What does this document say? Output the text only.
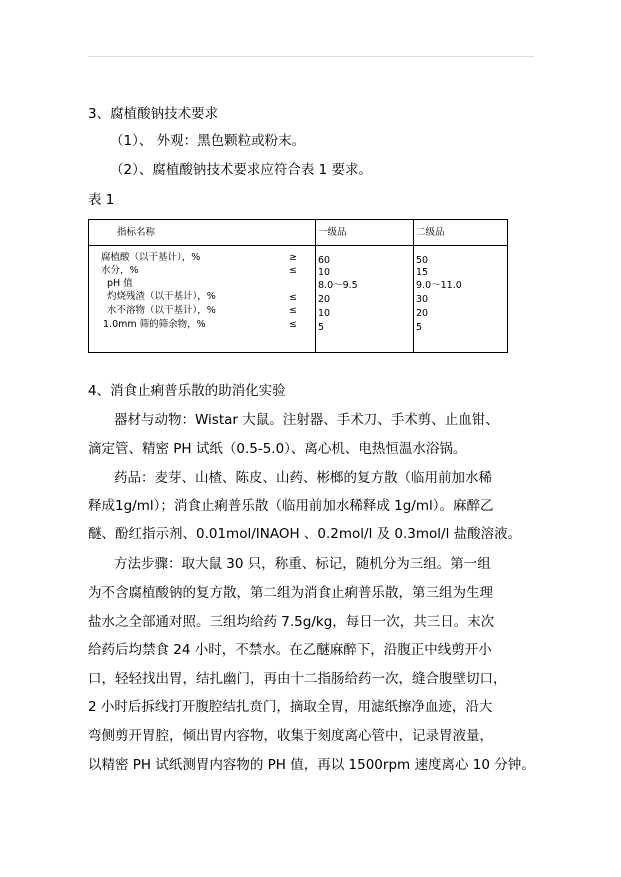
3、腐植酸钠技术要求
（1）、 外观：黑色颗粒或粉末。
（2）、腐植酸钠技术要求应符合表 1 要求。
表 1
指标名称	一级品	二级品
腐植酸（以干基计），%	≥ 60	50
水分，%	≤ 10	15
pH 值	8.0～9.5	9.0～11.0
灼烧残渣（以干基计），%	≤ 20	30
水不溶物（以干基计），%	≤ 10	20
1.0mm 筛的筛余物，%	≤ 5	5
4、消食止痢普乐散的助消化实验
器材与动物：Wistar 大鼠。注射器、手术刀、手术剪、止血钳、
滴定管、精密 PH 试纸（0.5-5.0）、离心机、电热恒温水浴锅。
药品：麦芽、山楂、陈皮、山药、彬榔的复方散（临用前加水稀
释成1g/ml）；消食止痢普乐散（临用前加水稀释成 1g/ml）。麻醉乙
醚、酚红指示剂、0.01mol/INAOH 、0.2mol/l 及 0.3mol/l 盐酸溶液。
方法步骤：取大鼠 30 只，称重、标记，随机分为三组。第一组
为不含腐植酸钠的复方散，第二组为消食止痢普乐散，第三组为生理
盐水之全部通对照。三组均给药 7.5g/kg，每日一次，共三日。末次
给药后均禁食 24 小时，不禁水。在乙醚麻醉下，沿腹正中线剪开小
口，轻轻找出胃，结扎幽门，再由十二指肠给药一次，缝合腹壁切口，
2 小时后拆线打开腹腔结扎贲门，摘取全胃，用滤纸擦净血迹，沿大
弯侧剪开胃腔，倾出胃内容物，收集于刻度离心管中，记录胃液量，
以精密 PH 试纸测胃内容物的 PH 值，再以 1500rpm 速度离心 10 分钟。
